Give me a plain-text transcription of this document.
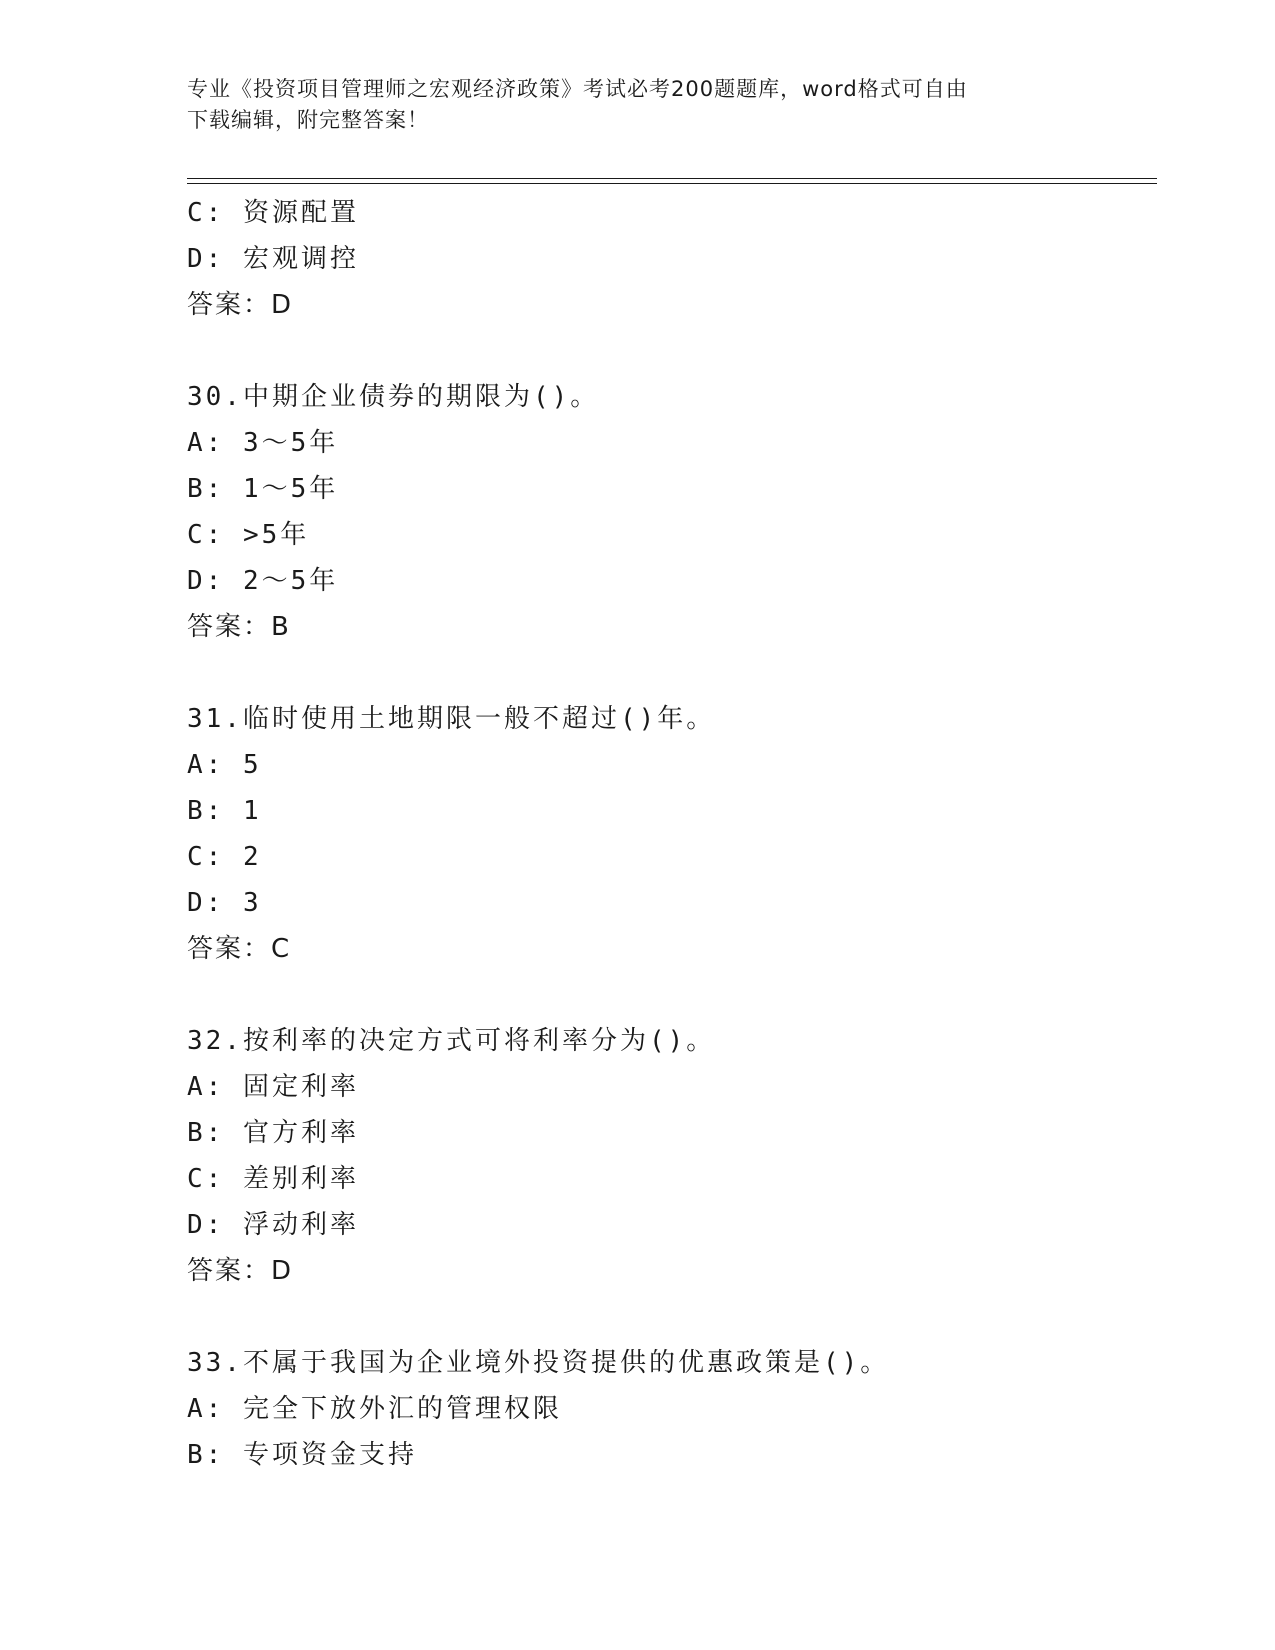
专业《投资项目管理师之宏观经济政策》考试必考200题题库，word格式可自由
下载编辑，附完整答案！
C: 资源配置
D: 宏观调控
答案：D
30.中期企业债券的期限为()。
A: 3～5年
B: 1～5年
C: >5年
D: 2～5年
答案：B
31.临时使用土地期限一般不超过()年。
A: 5
B: 1
C: 2
D: 3
答案：C
32.按利率的决定方式可将利率分为()。
A: 固定利率
B: 官方利率
C: 差别利率
D: 浮动利率
答案：D
33.不属于我国为企业境外投资提供的优惠政策是()。
A: 完全下放外汇的管理权限
B: 专项资金支持
